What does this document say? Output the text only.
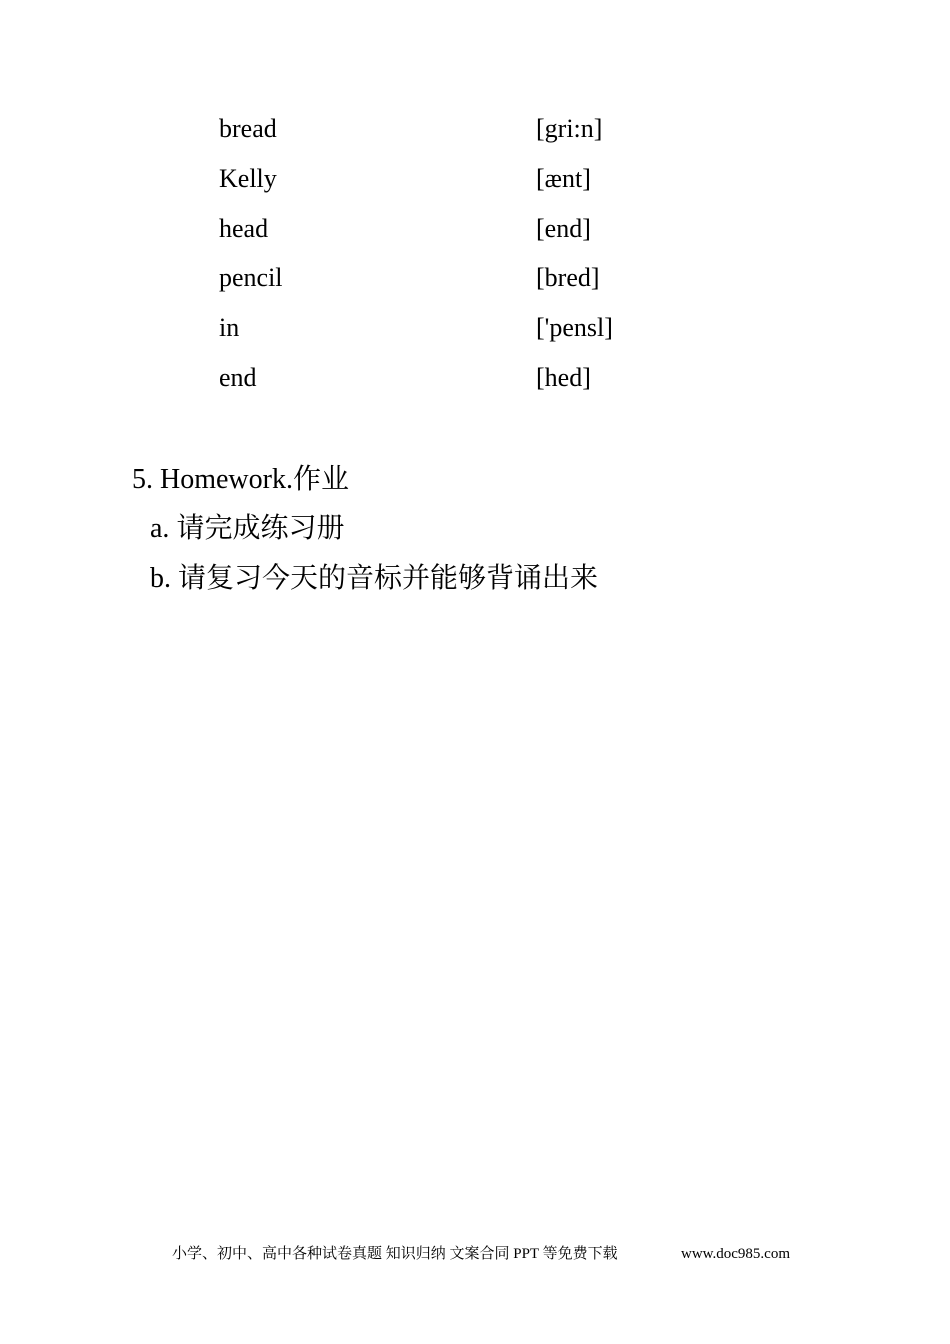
bread	[gri:n]
Kelly	[ænt]
head	[end]
pencil	[bred]
in	['pensl]
end	[hed]
5. Homework.作业
a. 请完成练习册
b. 请复习今天的音标并能够背诵出来
小学、初中、高中各种试卷真题 知识归纳 文案合同 PPT 等免费下载	www.doc985.com
